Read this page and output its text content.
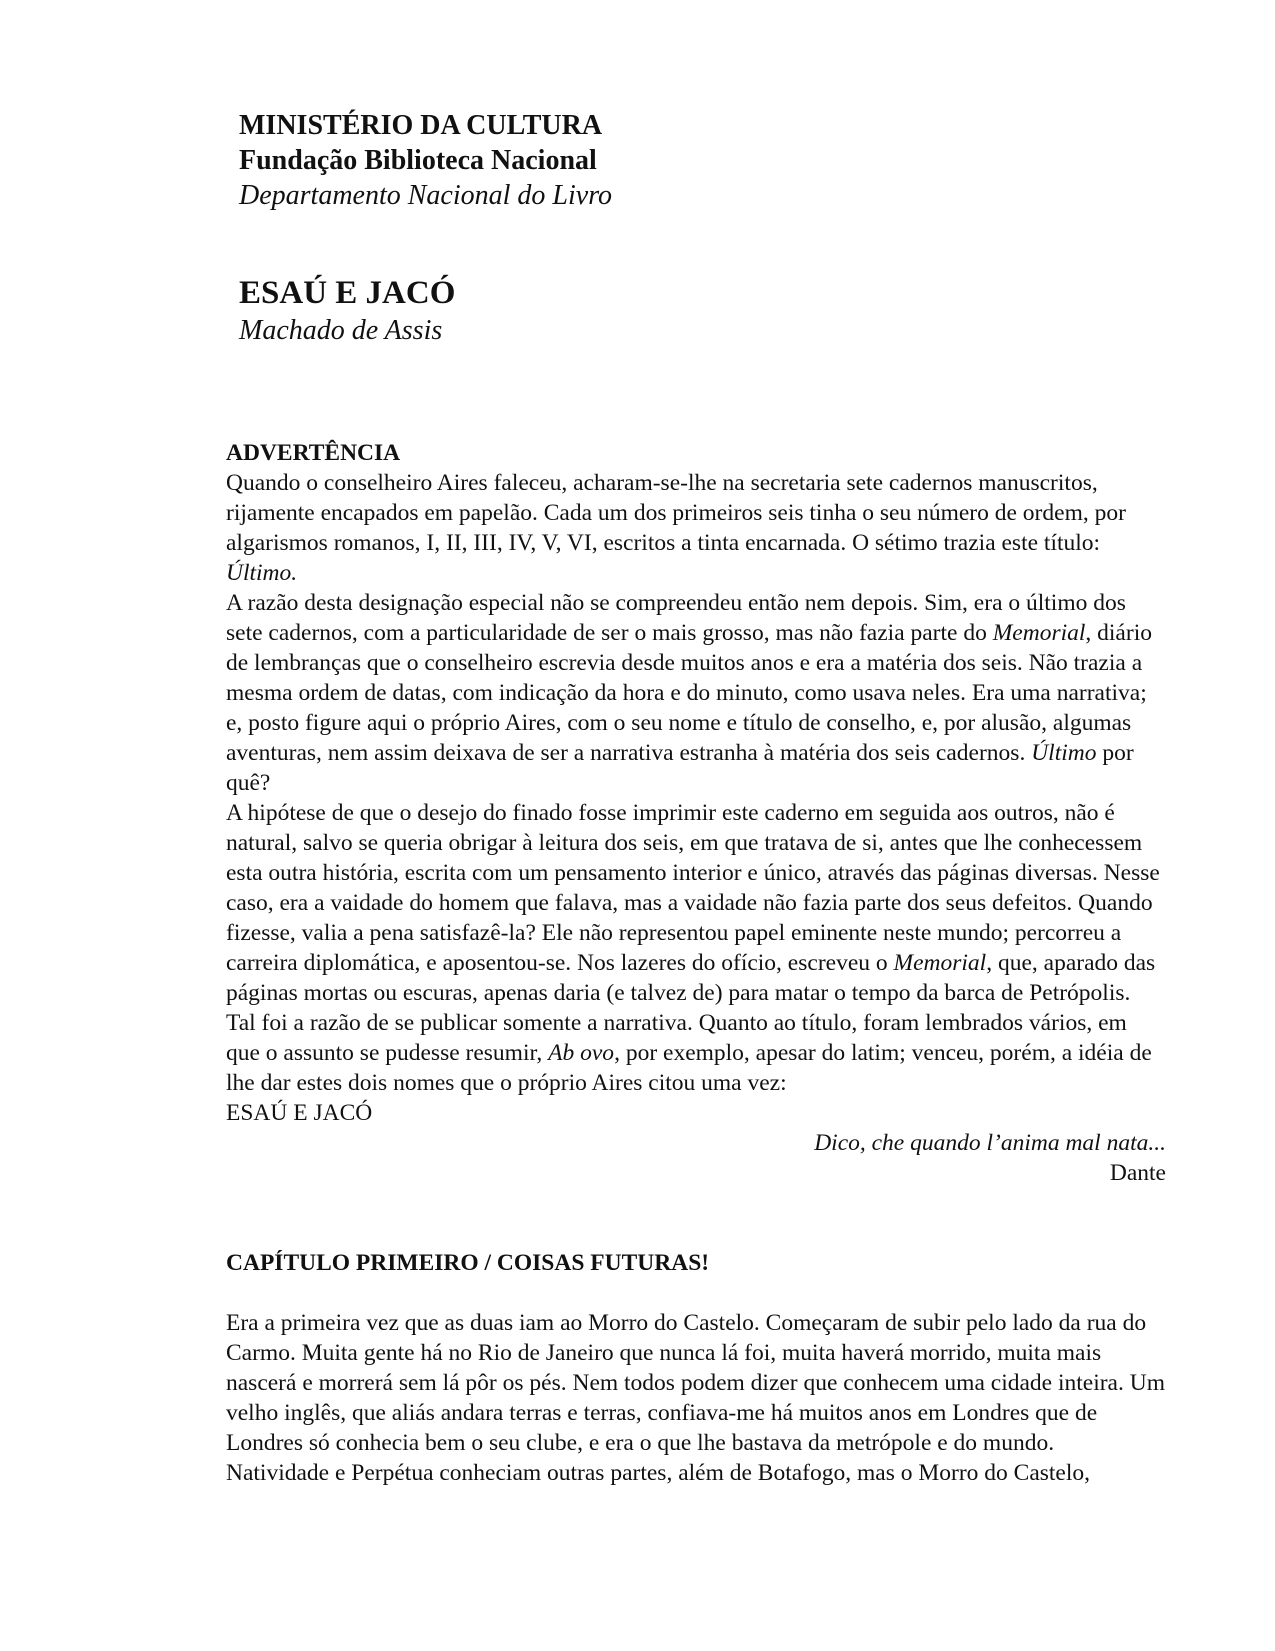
MINISTÉRIO DA CULTURA
Fundação Biblioteca Nacional
Departamento Nacional do Livro
ESAÚ E JACÓ
Machado de Assis

ADVERTÊNCIA

Quando o conselheiro Aires faleceu, acharam-se-lhe na secretaria sete cadernos manuscritos, rijamente encapados em papelão. Cada um dos primeiros seis tinha o seu número de ordem, por algarismos romanos, I, II, III, IV, V, VI, escritos a tinta encarnada. O sétimo trazia este título: Último.

A razão desta designação especial não se compreendeu então nem depois. Sim, era o último dos sete cadernos, com a particularidade de ser o mais grosso, mas não fazia parte do Memorial, diário de lembranças que o conselheiro escrevia desde muitos anos e era a matéria dos seis. Não trazia a mesma ordem de datas, com indicação da hora e do minuto, como usava neles. Era uma narrativa; e, posto figure aqui o próprio Aires, com o seu nome e título de conselho, e, por alusão, algumas aventuras, nem assim deixava de ser a narrativa estranha à matéria dos seis cadernos. Último por quê?

A hipótese de que o desejo do finado fosse imprimir este caderno em seguida aos outros, não é natural, salvo se queria obrigar à leitura dos seis, em que tratava de si, antes que lhe conhecessem esta outra história, escrita com um pensamento interior e único, através das páginas diversas. Nesse caso, era a vaidade do homem que falava, mas a vaidade não fazia parte dos seus defeitos. Quando fizesse, valia a pena satisfazê-la? Ele não representou papel eminente neste mundo; percorreu a carreira diplomática, e aposentou-se. Nos lazeres do ofício, escreveu o Memorial, que, aparado das páginas mortas ou escuras, apenas daria (e talvez de) para matar o tempo da barca de Petrópolis.

Tal foi a razão de se publicar somente a narrativa. Quanto ao título, foram lembrados vários, em que o assunto se pudesse resumir, Ab ovo, por exemplo, apesar do latim; venceu, porém, a idéia de lhe dar estes dois nomes que o próprio Aires citou uma vez:

ESAÚ E JACÓ

Dico, che quando l’anima mal nata...

Dante

CAPÍTULO PRIMEIRO / COISAS FUTURAS!

Era a primeira vez que as duas iam ao Morro do Castelo. Começaram de subir pelo lado da rua do Carmo. Muita gente há no Rio de Janeiro que nunca lá foi, muita haverá morrido, muita mais nascerá e morrerá sem lá pôr os pés. Nem todos podem dizer que conhecem uma cidade inteira. Um velho inglês, que aliás andara terras e terras, confiava-me há muitos anos em Londres que de Londres só conhecia bem o seu clube, e era o que lhe bastava da metrópole e do mundo.

Natividade e Perpétua conheciam outras partes, além de Botafogo, mas o Morro do Castelo,
